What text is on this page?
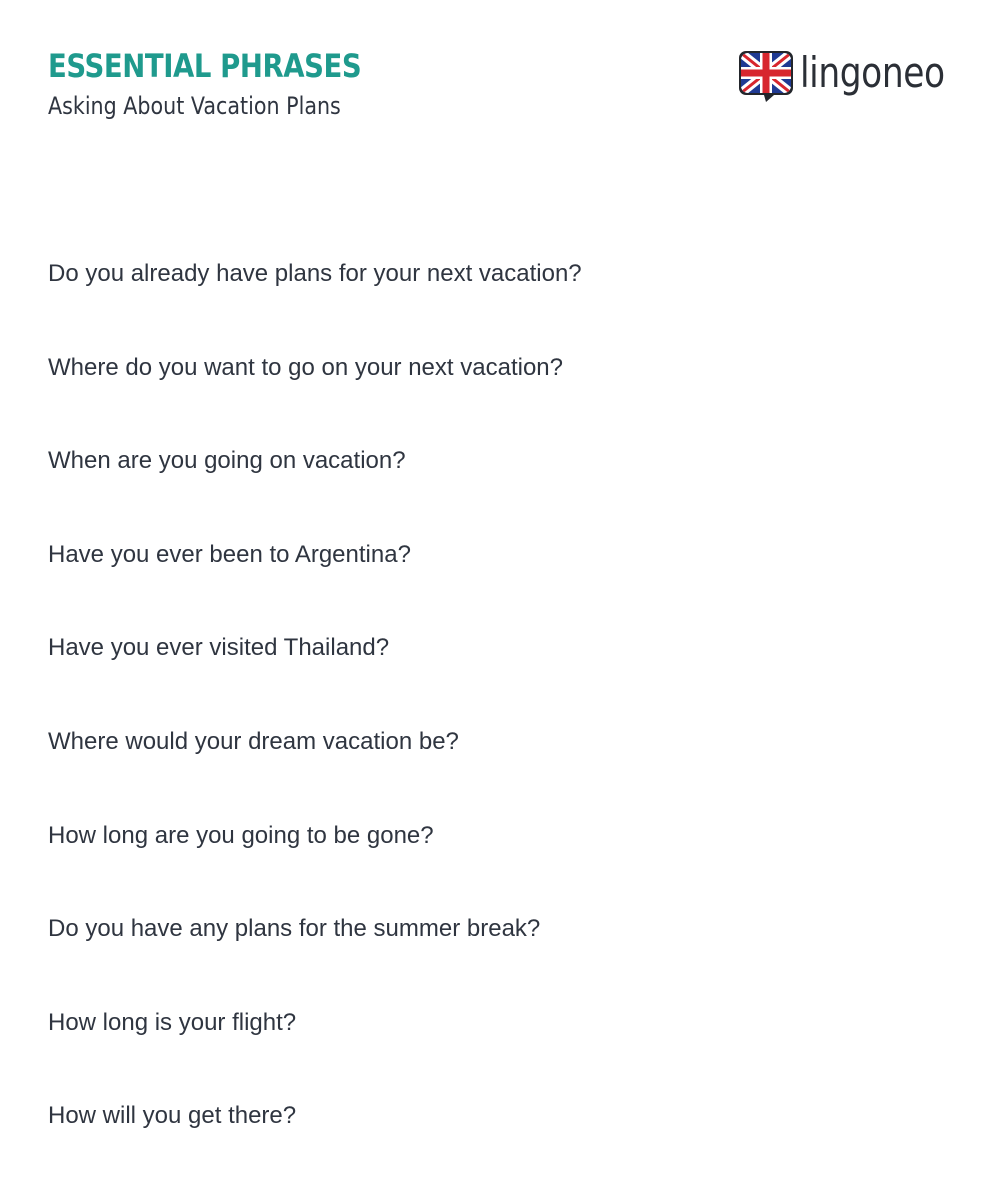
ESSENTIAL PHRASES
Asking About Vacation Plans
lingoneo
Do you already have plans for your next vacation?
Where do you want to go on your next vacation?
When are you going on vacation?
Have you ever been to Argentina?
Have you ever visited Thailand?
Where would your dream vacation be?
How long are you going to be gone?
Do you have any plans for the summer break?
How long is your flight?
How will you get there?
